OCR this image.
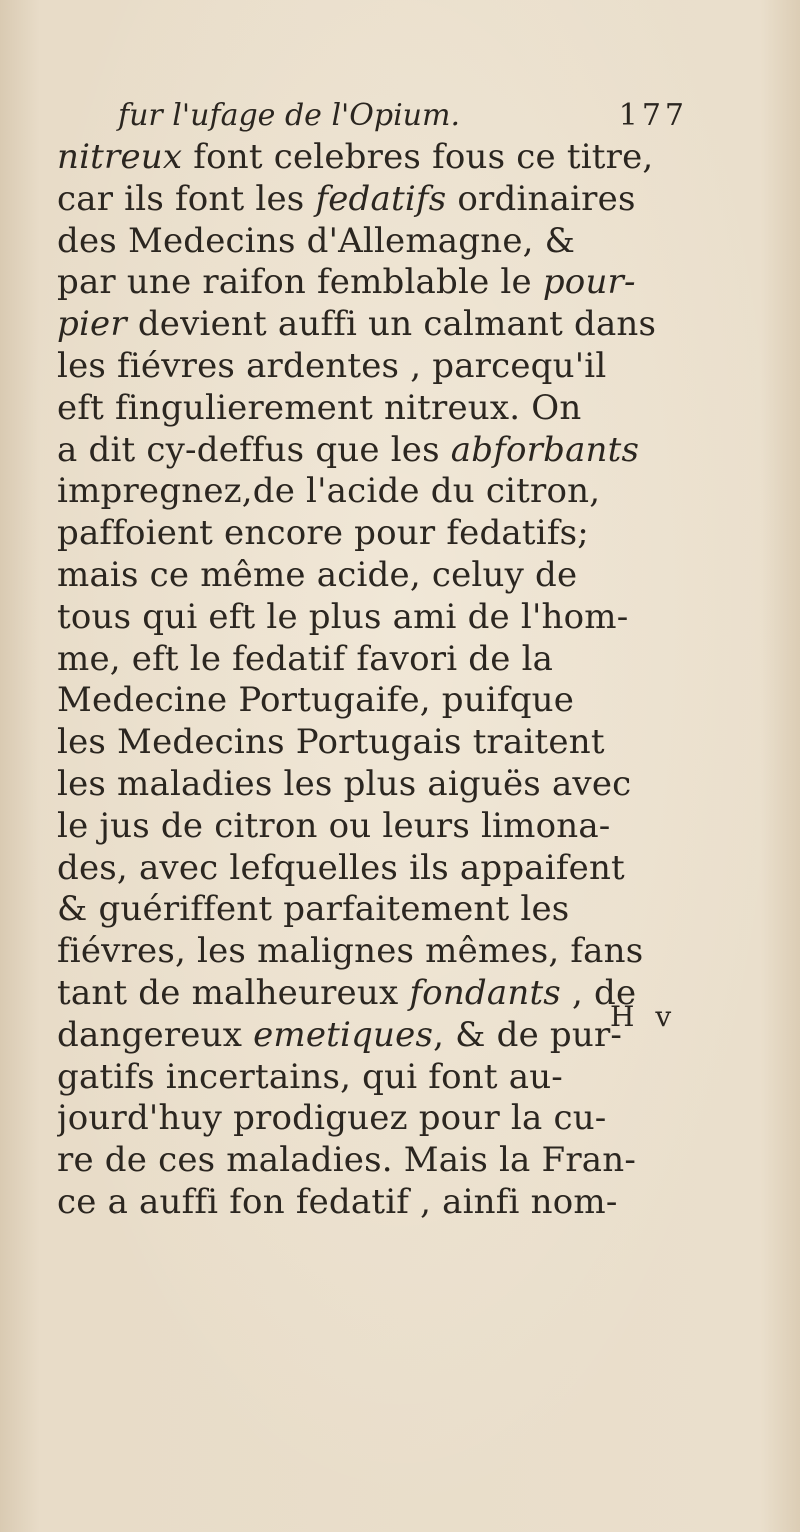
fur l'ufage de l'Opium.	177
nitreux font celebres fous ce titre,
car ils font les fedatifs ordinaires
des Medecins d'Allemagne, &
par une raifon femblable le pour-
pier devient auffi un calmant dans
les fiévres ardentes , parcequ'il
eft fingulierement nitreux. On
a dit cy-deffus que les abforbants
impregnez,de l'acide du citron,
paffoient encore pour fedatifs;
mais ce même acide, celuy de
tous qui eft le plus ami de l'hom-
me, eft le fedatif favori de la
Medecine Portugaife, puifque
les Medecins Portugais traitent
les maladies les plus aiguës avec
le jus de citron ou leurs limona-
des, avec lefquelles ils appaifent
& guériffent parfaitement les
fiévres, les malignes mêmes, fans
tant de malheureux fondants , de
dangereux emetiques, & de pur-
gatifs incertains, qui font au-
jourd'huy prodiguez pour la cu-
re de ces maladies. Mais la Fran-
ce a auffi fon fedatif , ainfi nom-
H v
